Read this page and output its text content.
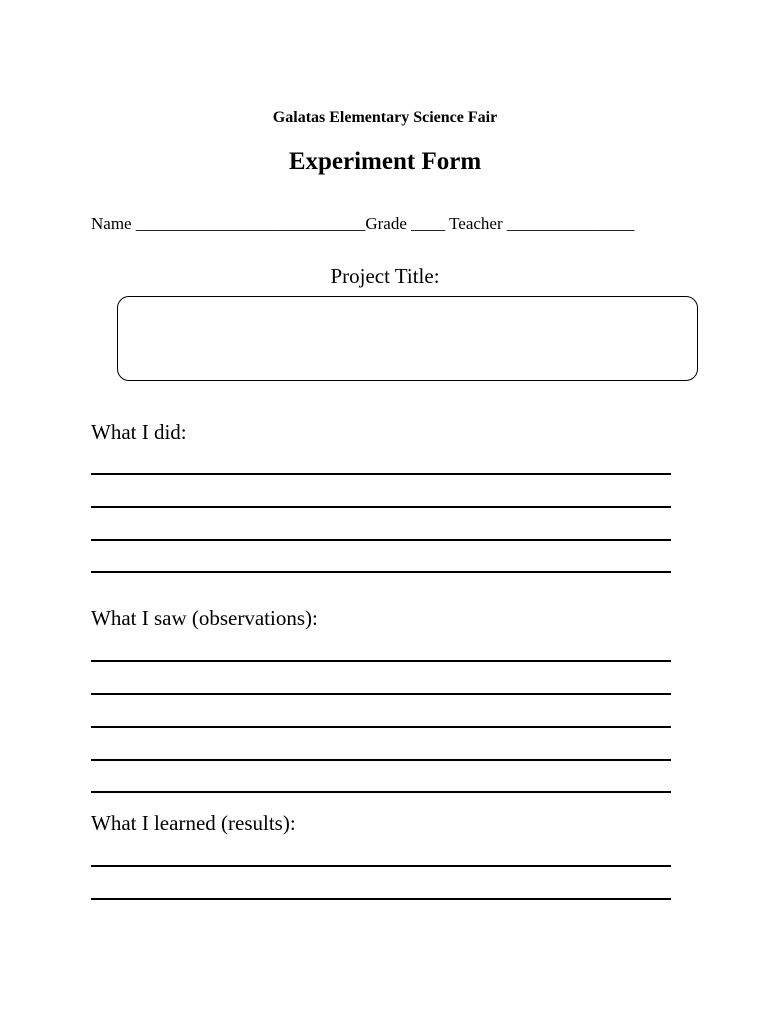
Galatas Elementary Science Fair
Experiment Form
Name ___________________________Grade ____ Teacher _______________
Project Title:
What I did:
What I saw (observations):
What I learned (results):
